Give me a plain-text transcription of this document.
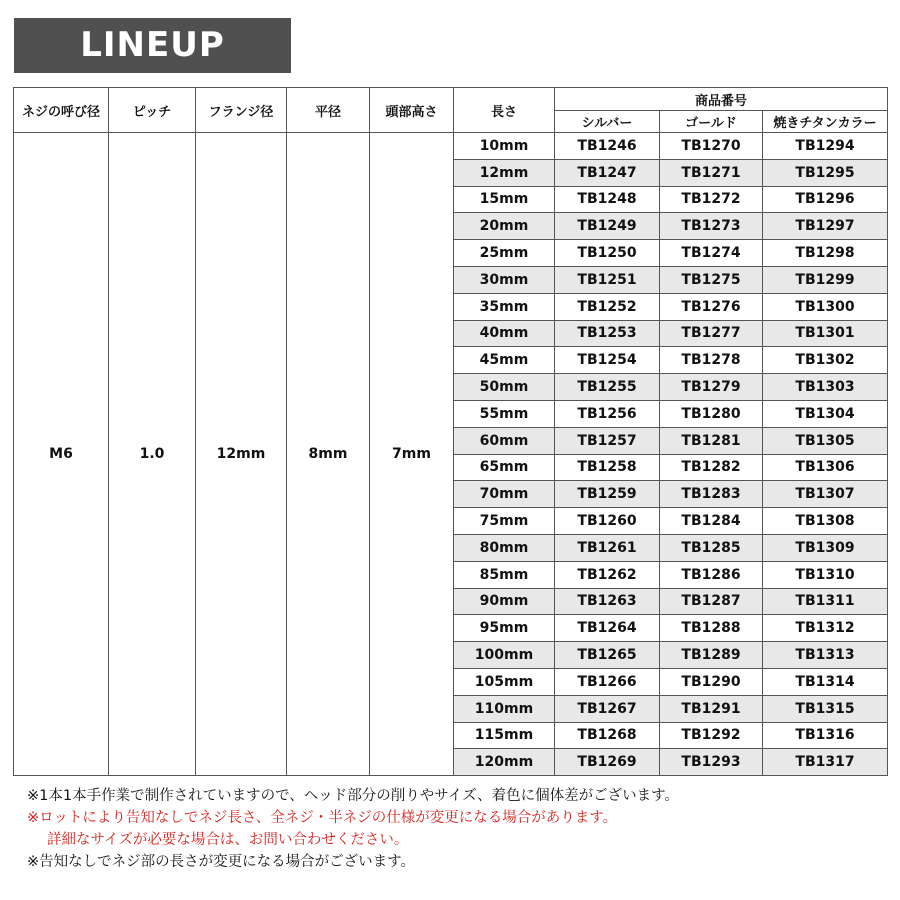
LINEUP
ネジの呼び径	ピッチ	フランジ径	平径	頭部高さ	長さ	商品番号		
						シルバー	ゴールド	焼きチタンカラー
M6	1.0	12mm	8mm	7mm	10mm	TB1246	TB1270	TB1294
					12mm	TB1247	TB1271	TB1295
					15mm	TB1248	TB1272	TB1296
					20mm	TB1249	TB1273	TB1297
					25mm	TB1250	TB1274	TB1298
					30mm	TB1251	TB1275	TB1299
					35mm	TB1252	TB1276	TB1300
					40mm	TB1253	TB1277	TB1301
					45mm	TB1254	TB1278	TB1302
					50mm	TB1255	TB1279	TB1303
					55mm	TB1256	TB1280	TB1304
					60mm	TB1257	TB1281	TB1305
					65mm	TB1258	TB1282	TB1306
					70mm	TB1259	TB1283	TB1307
					75mm	TB1260	TB1284	TB1308
					80mm	TB1261	TB1285	TB1309
					85mm	TB1262	TB1286	TB1310
					90mm	TB1263	TB1287	TB1311
					95mm	TB1264	TB1288	TB1312
					100mm	TB1265	TB1289	TB1313
					105mm	TB1266	TB1290	TB1314
					110mm	TB1267	TB1291	TB1315
					115mm	TB1268	TB1292	TB1316
					120mm	TB1269	TB1293	TB1317
※1本1本手作業で制作されていますので、ヘッド部分の削りやサイズ、着色に個体差がございます。
※ロットにより告知なしでネジ長さ、全ネジ・半ネジの仕様が変更になる場合があります。
詳細なサイズが必要な場合は、お問い合わせください。
※告知なしでネジ部の長さが変更になる場合がございます。
